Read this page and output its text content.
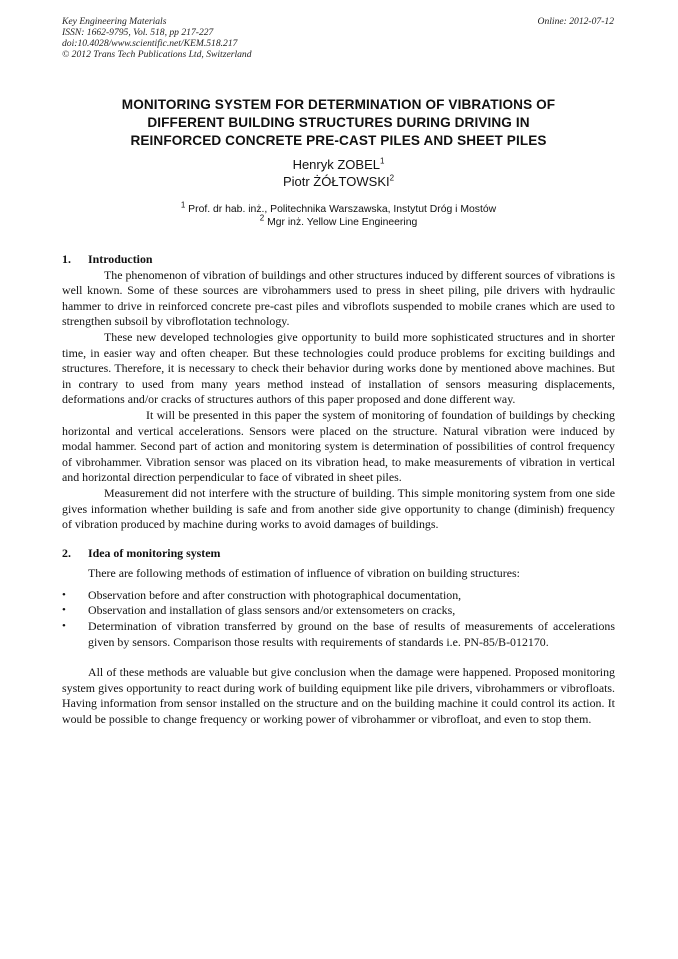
Key Engineering Materials
ISSN: 1662-9795, Vol. 518, pp 217-227
doi:10.4028/www.scientific.net/KEM.518.217
© 2012 Trans Tech Publications Ltd, Switzerland
Online: 2012-07-12
MONITORING SYSTEM FOR DETERMINATION OF VIBRATIONS OF
DIFFERENT BUILDING STRUCTURES DURING DRIVING IN
REINFORCED CONCRETE PRE-CAST PILES AND SHEET PILES
Henryk ZOBEL$^1$
Piotr ŻÓŁTOWSKI$^2$
$^1$ Prof. dr hab. inż., Politechnika Warszawska, Instytut Dróg i Mostów
$^2$ Mgr inż. Yellow Line Engineering
1.	Introduction

The phenomenon of vibration of buildings and other structures induced by different sources of vibrations is well known. Some of these sources are vibrohammers used to press in sheet piling, pile drivers with hydraulic hammer to drive in reinforced concrete pre-cast piles and vibroflots suspended to mobile cranes which are used to strengthen subsoil by vibroflotation technology.

These new developed technologies give opportunity to build more sophisticated structures and in shorter time, in easier way and often cheaper. But these technologies could produce problems for exciting buildings and structures. Therefore, it is necessary to check their behavior during works done by mentioned above machines. But in contrary to used from many years method instead of installation of sensors measuring displacements, deformations and/or cracks of structures authors of this paper proposed and done different way.

It will be presented in this paper the system of monitoring of foundation of buildings by checking horizontal and vertical accelerations. Sensors were placed on the structure. Natural vibration were induced by modal hammer. Second part of action and monitoring system is determination of possibilities of control frequency of vibrohammer. Vibration sensor was placed on its vibration head, to make measurements of vibration in vertical and horizontal direction perpendicular to face of vibrated in sheet piles.

Measurement did not interfere with the structure of building. This simple monitoring system from one side gives information whether building is safe and from another side give opportunity to change (diminish) frequency of vibration produced by machine during works to avoid damages of buildings.

2.	Idea of monitoring system

There are following methods of estimation of influence of vibration on building structures:

• Observation before and after construction with photographical documentation,
• Observation and installation of glass sensors and/or extensometers on cracks,
• Determination of vibration transferred by ground on the base of results of measurements of accelerations given by sensors. Comparison those results with requirements of standards i.e. PN-85/B-012170.

All of these methods are valuable but give conclusion when the damage were happened. Proposed monitoring system gives opportunity to react during work of building equipment like pile drivers, vibrohammers or vibrofloats. Having information from sensor installed on the structure and on the building machine it could control its action. It would be possible to change frequency or working power of vibrohammer or vibrofloat, and even to stop them.
